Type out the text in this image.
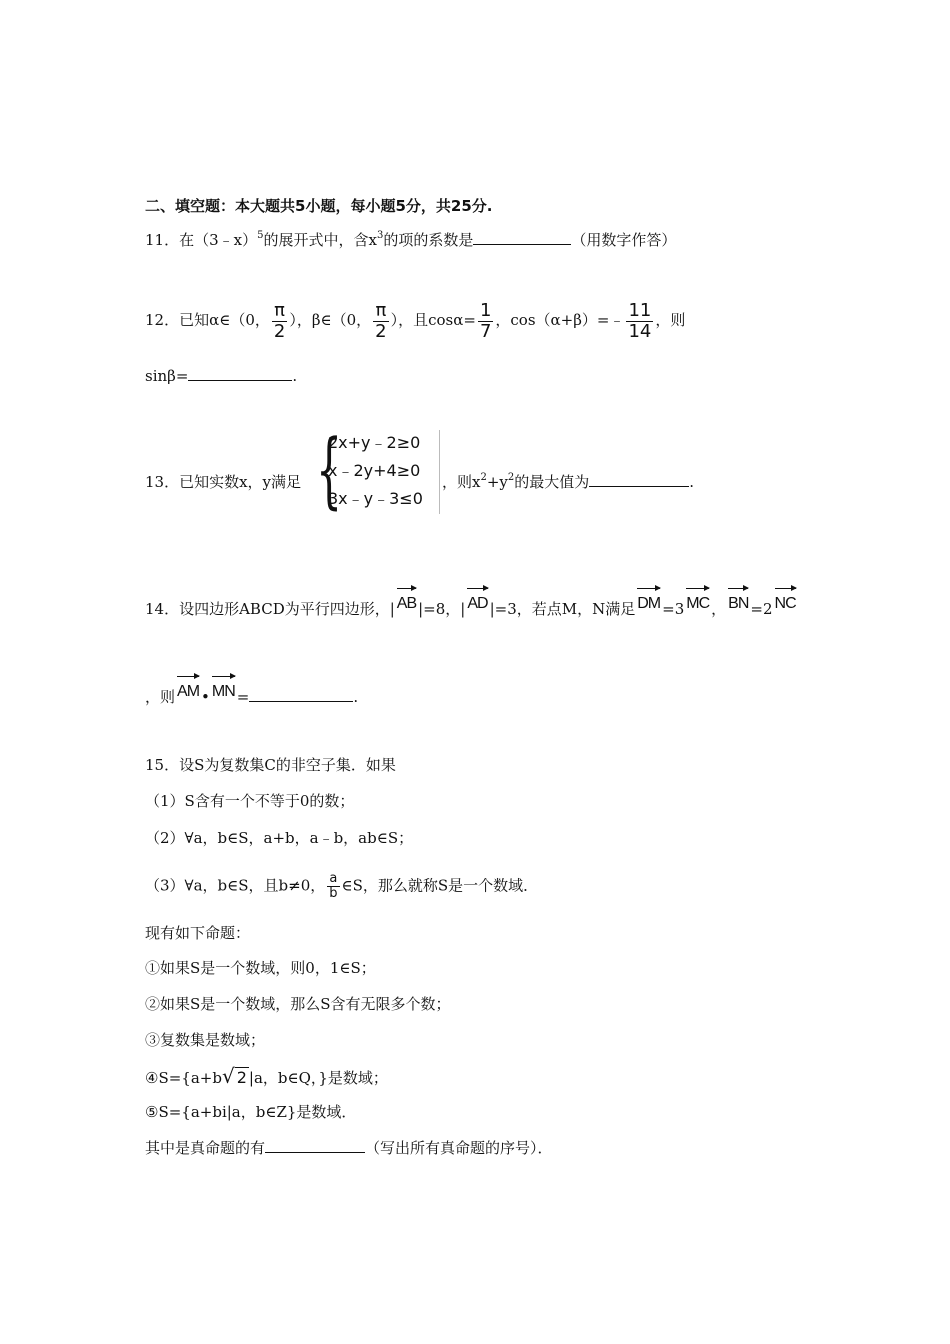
二、填空题：本大题共5小题，每小题5分，共25分.
11．在（3﹣x）$^5$的展开式中，含$x^3$的项的系数是	（用数字作答）
12．已知α∈（0， $\frac{\pi}{2}$ ），β∈（0， $\frac{\pi}{2}$ ），且$\cos\alpha= \frac{1}{7}$ ，cos（α+β）=﹣ $\frac{11}{14}$ ，则
sinβ=	.
13．已知实数x，y满足 {
2x+y﹣2≥0
x﹣2y+4≥0
3x﹣y﹣3≤0
，则$x^2+y^2$的最大值为	.
14．设四边形ABCD为平行四边形，| AB |=8，| AD |=3，若点M，N满足 DM =3 MC ， BN =2 NC
，则 AM • MN =	.
15．设S为复数集C的非空子集．如果
（1）S含有一个不等于0的数；
（2）∀a，b∈S，a+b，a﹣b，ab∈S；
（3）∀a，b∈S，且b≠0， $\frac{a}{b}$ ∈S，那么就称S是一个数域．
现有如下命题：
①如果S是一个数域，则0，1∈S；
②如果S是一个数域，那么S含有无限多个数；
③复数集是数域；
④S={a+b√ 2 |a，b∈Q，}是数域；
⑤S={a+bi|a，b∈Z}是数域．
其中是真命题的有	（写出所有真命题的序号）．
